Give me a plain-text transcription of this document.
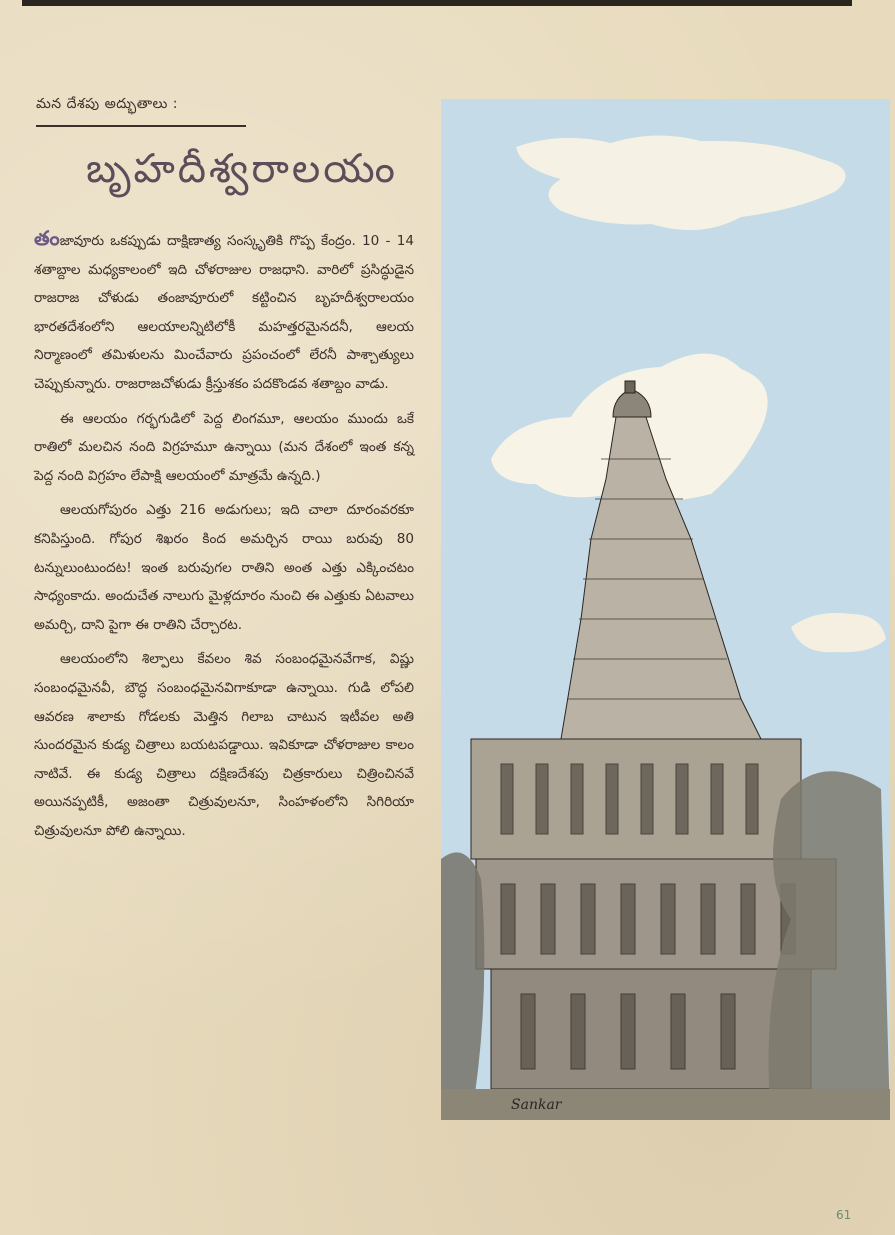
మన దేశపు అద్భుతాలు :
బృహదీశ్వరాలయం

తంజావూరు ఒకప్పుడు దాక్షిణాత్య సంస్కృతికి గొప్ప కేంద్రం. 10 - 14 శతాబ్దాల మధ్యకాలంలో ఇది చోళరాజుల రాజధాని. వారిలో ప్రసిద్ధుడైన రాజరాజ చోళుడు తంజావూరులో కట్టించిన బృహదీశ్వరాలయం భారతదేశంలోని ఆలయాలన్నిటిలోకీ మహత్తరమైనదనీ, ఆలయ నిర్మాణంలో తమిళులను మించేవారు ప్రపంచంలో లేరనీ పాశ్చాత్యులు చెప్పుకున్నారు. రాజరాజచోళుడు క్రీస్తుశకం పదకొండవ శతాబ్దం వాడు.

ఈ ఆలయం గర్భగుడిలో పెద్ద లింగమూ, ఆలయం ముందు ఒకే రాతిలో మలచిన నంది విగ్రహమూ ఉన్నాయి (మన దేశంలో ఇంత కన్న పెద్ద నంది విగ్రహం లేపాక్షి ఆలయంలో మాత్రమే ఉన్నది.)

ఆలయగోపురం ఎత్తు 216 అడుగులు; ఇది చాలా దూరంవరకూ కనిపిస్తుంది. గోపుర శిఖరం కింద అమర్చిన రాయి బరువు 80 టన్నులుంటుందట! ఇంత బరువుగల రాతిని అంత ఎత్తు ఎక్కించటం సాధ్యంకాదు. అందుచేత నాలుగు మైళ్లదూరం నుంచి ఈ ఎత్తుకు ఏటవాలు అమర్చి, దాని పైగా ఈ రాతిని చేర్చారట.

ఆలయంలోని శిల్పాలు కేవలం శివ సంబంధమైనవేగాక, విష్ణు సంబంధమైనవీ, బౌద్ధ సంబంధమైనవిగాకూడా ఉన్నాయి. గుడి లోపలి ఆవరణ శాలాకు గోడలకు మెత్తిన గిలాబ చాటున ఇటీవల అతి సుందరమైన కుడ్య చిత్రాలు బయటపడ్డాయి. ఇవికూడా చోళరాజుల కాలం నాటివే. ఈ కుడ్య చిత్రాలు దక్షిణదేశపు చిత్రకారులు చిత్రించినవే అయినప్పటికీ, అజంతా చిత్రువులనూ, సింహళంలోని సిగిరియా చిత్రువులనూ పోలి ఉన్నాయి.

Sankar
61
